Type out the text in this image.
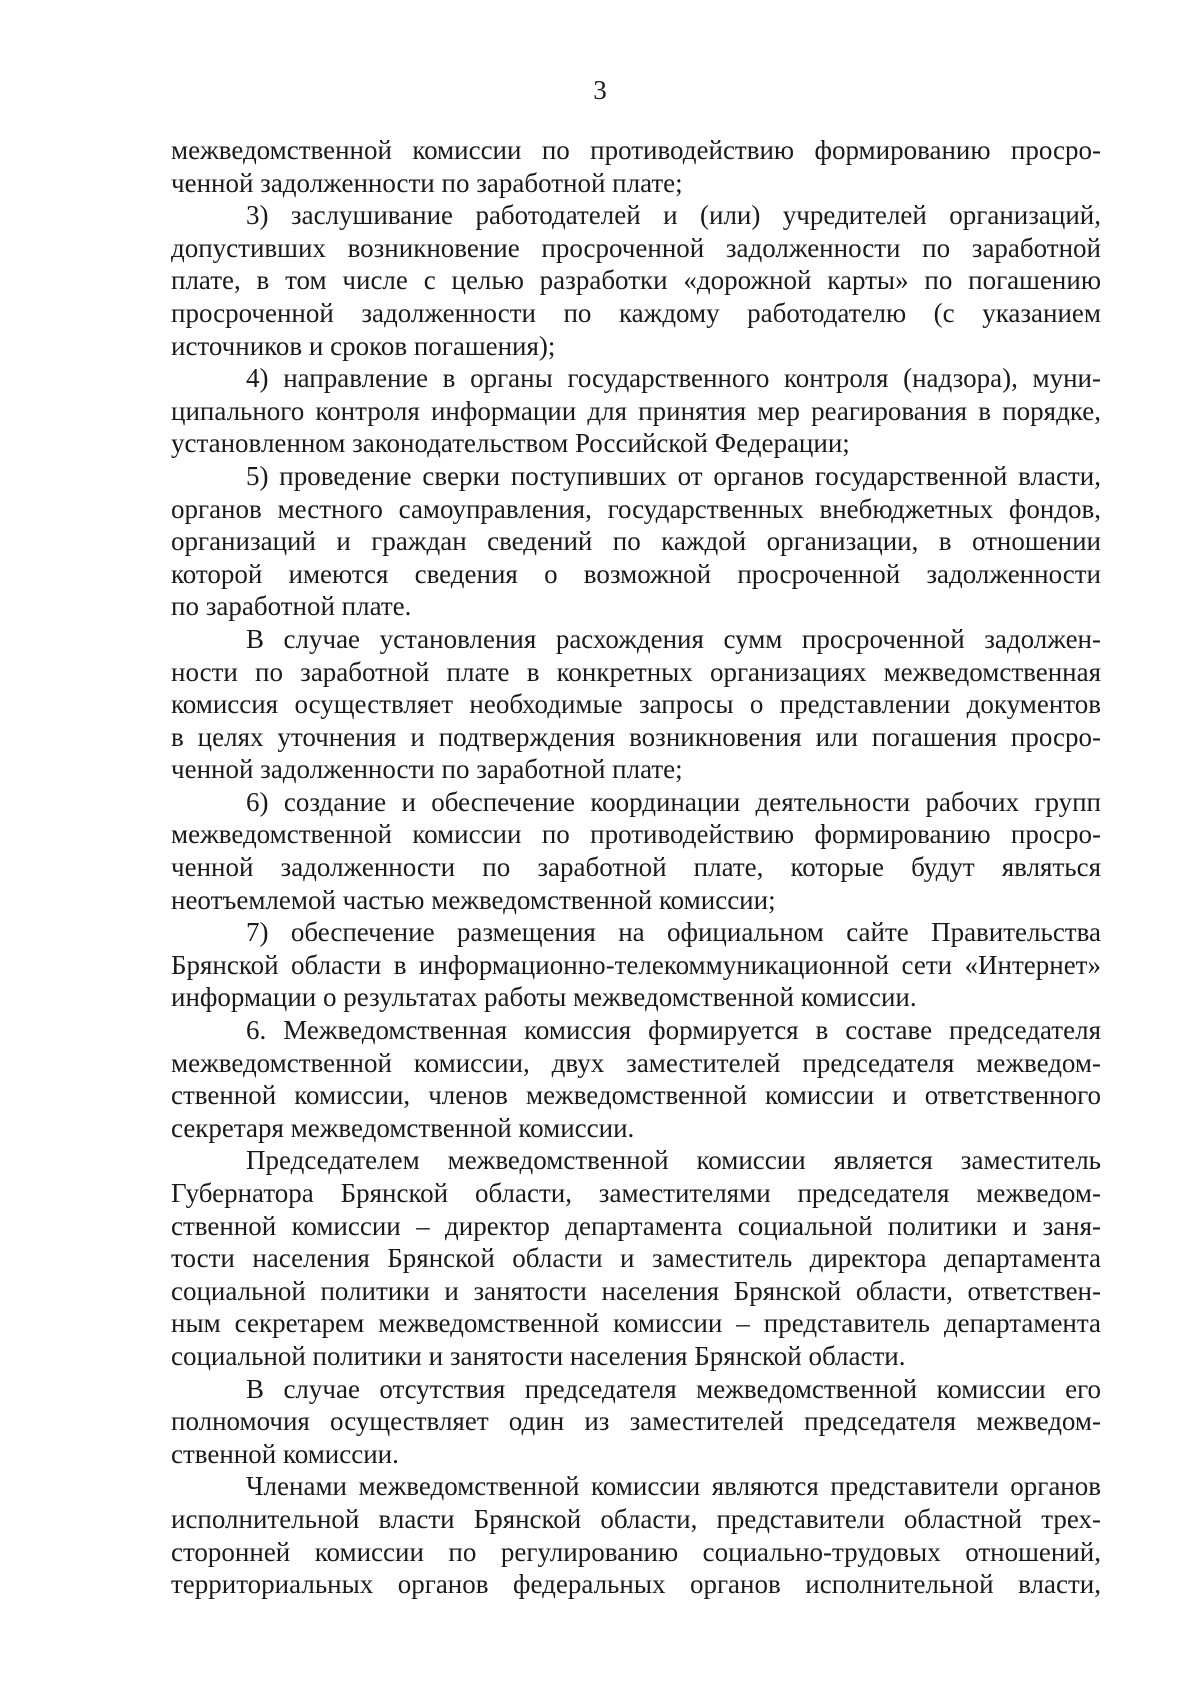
3
межведомственной комиссии по противодействию формированию просро-
ченной задолженности по заработной плате;
3) заслушивание работодателей и (или) учредителей организаций,
допустивших возникновение просроченной задолженности по заработной
плате, в том числе с целью разработки «дорожной карты» по погашению
просроченной задолженности по каждому работодателю (с указанием
источников и сроков погашения);
4) направление в органы государственного контроля (надзора), муни-
ципального контроля информации для принятия мер реагирования в порядке,
установленном законодательством Российской Федерации;
5) проведение сверки поступивших от органов государственной власти,
органов местного самоуправления, государственных внебюджетных фондов,
организаций и граждан сведений по каждой организации, в отношении
которой имеются сведения о возможной просроченной задолженности
по заработной плате.
В случае установления расхождения сумм просроченной задолжен-
ности по заработной плате в конкретных организациях межведомственная
комиссия осуществляет необходимые запросы о представлении документов
в целях уточнения и подтверждения возникновения или погашения просро-
ченной задолженности по заработной плате;
6) создание и обеспечение координации деятельности рабочих групп
межведомственной комиссии по противодействию формированию просро-
ченной задолженности по заработной плате, которые будут являться
неотъемлемой частью межведомственной комиссии;
7) обеспечение размещения на официальном сайте Правительства
Брянской области в информационно-телекоммуникационной сети «Интернет»
информации о результатах работы межведомственной комиссии.
6. Межведомственная комиссия формируется в составе председателя
межведомственной комиссии, двух заместителей председателя межведом-
ственной комиссии, членов межведомственной комиссии и ответственного
секретаря межведомственной комиссии.
Председателем межведомственной комиссии является заместитель
Губернатора Брянской области, заместителями председателя межведом-
ственной комиссии – директор департамента социальной политики и заня-
тости населения Брянской области и заместитель директора департамента
социальной политики и занятости населения Брянской области, ответствен-
ным секретарем межведомственной комиссии – представитель департамента
социальной политики и занятости населения Брянской области.
В случае отсутствия председателя межведомственной комиссии его
полномочия осуществляет один из заместителей председателя межведом-
ственной комиссии.
Членами межведомственной комиссии являются представители органов
исполнительной власти Брянской области, представители областной трех-
сторонней комиссии по регулированию социально-трудовых отношений,
территориальных органов федеральных органов исполнительной власти,
